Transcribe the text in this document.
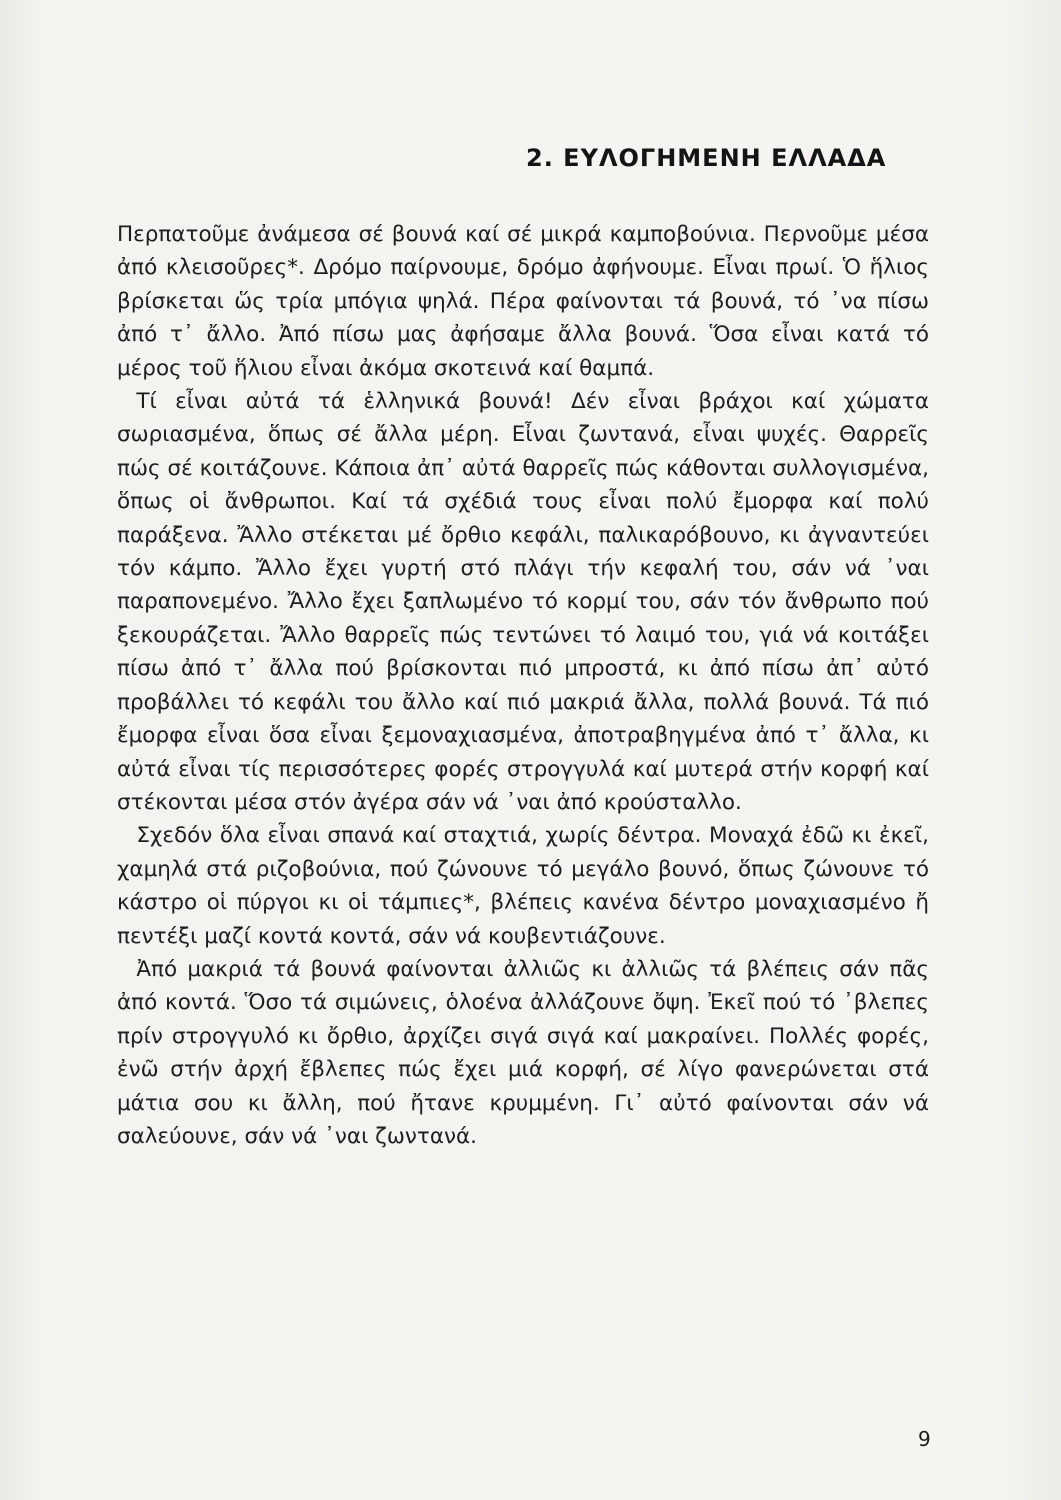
2. ΕΥΛΟΓΗΜΕΝΗ ΕΛΛΑΔΑ

Περπατοῦμε ἀνάμεσα σέ βουνά καί σέ μικρά καμποβούνια. Περνοῦμε μέσα ἀπό κλεισοῦρες*. Δρόμο παίρνουμε, δρόμο ἀφήνουμε. Εἶναι πρωί. Ὁ ἥλιος βρίσκεται ὥς τρία μπόγια ψηλά. Πέρα φαίνονται τά βουνά, τό ᾿να πίσω ἀπό τ᾿ ἄλλο. Ἀπό πίσω μας ἀφήσαμε ἄλλα βουνά. Ὅσα εἶναι κατά τό μέρος τοῦ ἥλιου εἶναι ἀκόμα σκοτεινά καί θαμπά.

Τί εἶναι αὐτά τά ἑλληνικά βουνά! Δέν εἶναι βράχοι καί χώματα σωριασμένα, ὅπως σέ ἄλλα μέρη. Εἶναι ζωντανά, εἶναι ψυχές. Θαρρεῖς πώς σέ κοιτάζουνε. Κάποια ἀπ᾿ αὐτά θαρρεῖς πώς κάθονται συλλογισμένα, ὅπως οἱ ἄνθρωποι. Καί τά σχέδιά τους εἶναι πολύ ἔμορφα καί πολύ παράξενα. Ἄλλο στέκεται μέ ὄρθιο κεφάλι, παλικαρόβουνο, κι ἀγναντεύει τόν κάμπο. Ἄλλο ἔχει γυρτή στό πλάγι τήν κεφαλή του, σάν νά ᾿ναι παραπονεμένο. Ἄλλο ἔχει ξαπλωμένο τό κορμί του, σάν τόν ἄνθρωπο πού ξεκουράζεται. Ἄλλο θαρρεῖς πώς τεντώνει τό λαιμό του, γιά νά κοιτάξει πίσω ἀπό τ᾿ ἄλλα πού βρίσκονται πιό μπροστά, κι ἀπό πίσω ἀπ᾿ αὐτό προβάλλει τό κεφάλι του ἄλλο καί πιό μακριά ἄλλα, πολλά βουνά. Τά πιό ἔμορφα εἶναι ὅσα εἶναι ξεμοναχιασμένα, ἀποτραβηγμένα ἀπό τ᾿ ἄλλα, κι αὐτά εἶναι τίς περισσότερες φορές στρογγυλά καί μυτερά στήν κορφή καί στέκονται μέσα στόν ἀγέρα σάν νά ᾿ναι ἀπό κρούσταλλο.

Σχεδόν ὅλα εἶναι σπανά καί σταχτιά, χωρίς δέντρα. Μοναχά ἐδῶ κι ἐκεῖ, χαμηλά στά ριζοβούνια, πού ζώνουνε τό μεγάλο βουνό, ὅπως ζώνουνε τό κάστρο οἱ πύργοι κι οἱ τάμπιες*, βλέπεις κανένα δέντρο μοναχιασμένο ἤ πεντέξι μαζί κοντά κοντά, σάν νά κουβεντιάζουνε.

Ἀπό μακριά τά βουνά φαίνονται ἀλλιῶς κι ἀλλιῶς τά βλέπεις σάν πᾶς ἀπό κοντά. Ὅσο τά σιμώνεις, ὁλοένα ἀλλάζουνε ὄψη. Ἐκεῖ πού τό ᾿βλεπες πρίν στρογγυλό κι ὄρθιο, ἀρχίζει σιγά σιγά καί μακραίνει. Πολλές φορές, ἐνῶ στήν ἀρχή ἔβλεπες πώς ἔχει μιά κορφή, σέ λίγο φανερώνεται στά μάτια σου κι ἄλλη, πού ἤτανε κρυμμένη. Γι᾿ αὐτό φαίνονται σάν νά σαλεύουνε, σάν νά ᾿ναι ζωντανά.

9
